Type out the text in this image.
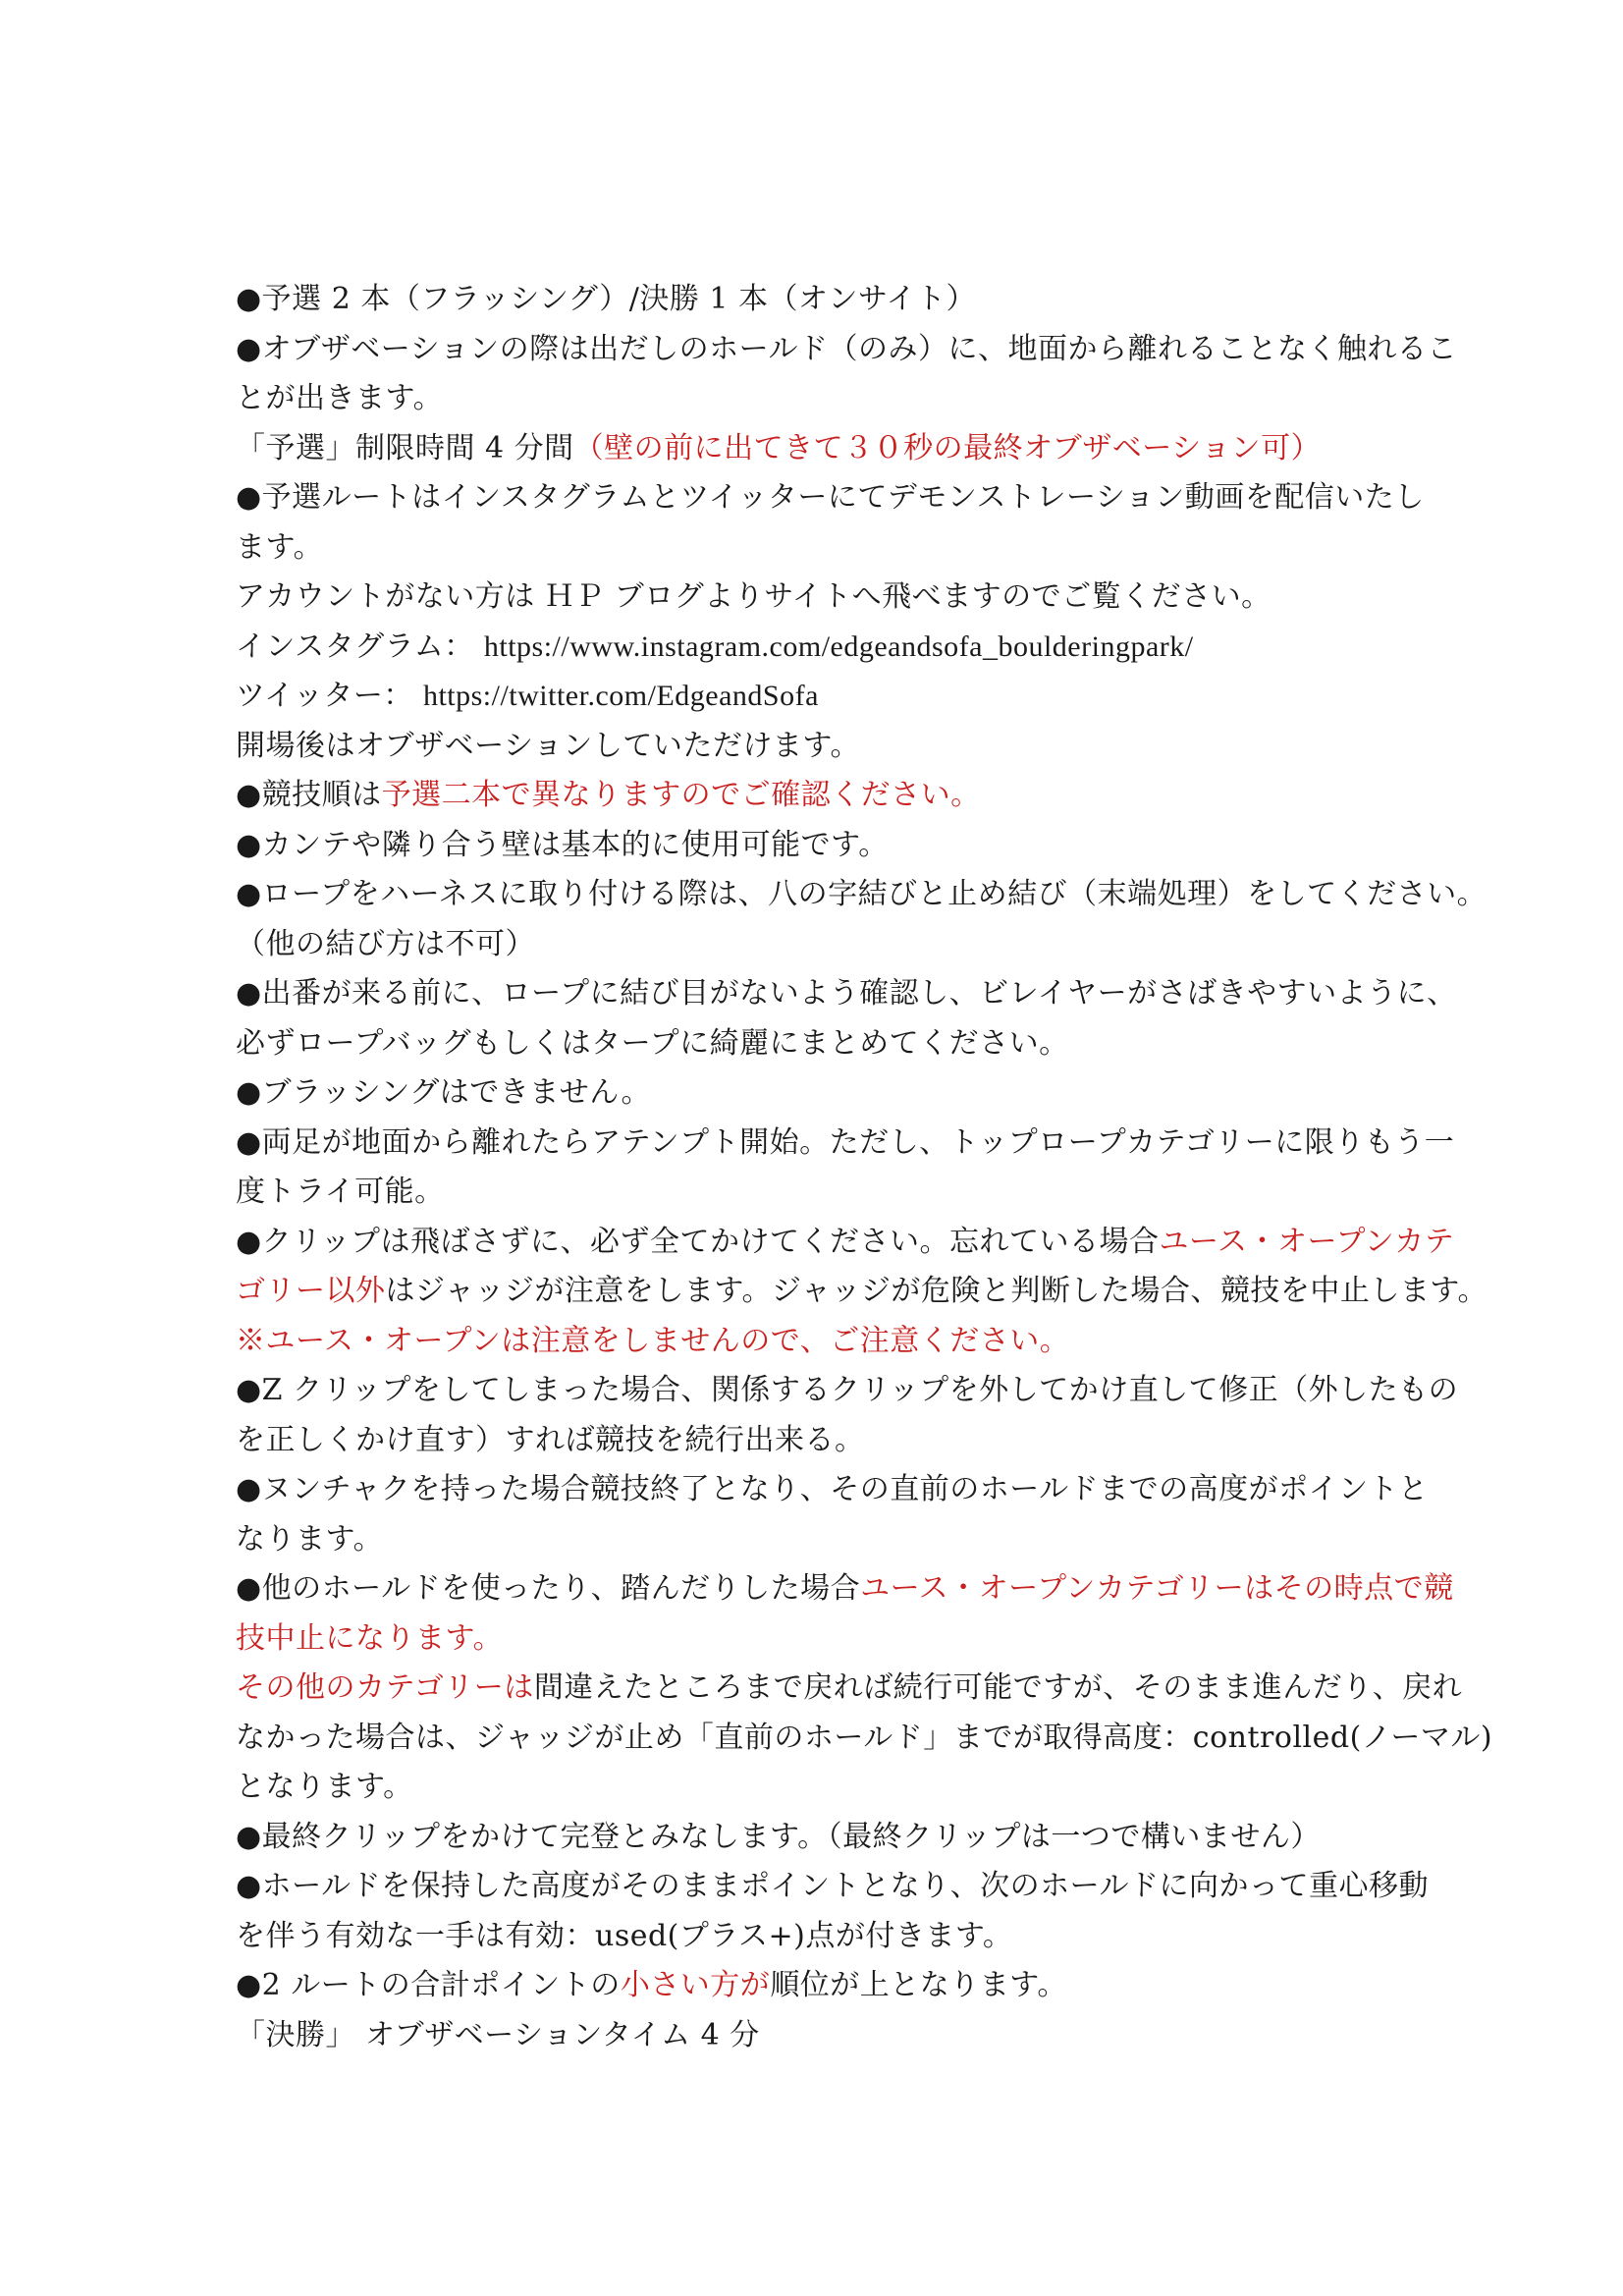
●予選 2 本（フラッシング）/決勝 1 本（オンサイト）
●オブザベーションの際は出だしのホールド（のみ）に、地面から離れることなく触れるこ
とが出きます。
「予選」制限時間 4 分間（壁の前に出てきて３０秒の最終オブザベーション可）
●予選ルートはインスタグラムとツイッターにてデモンストレーション動画を配信いたし
ます。
アカウントがない方は ＨＰ ブログよりサイトへ飛べますのでご覧ください。
インスタグラム： https://www.instagram.com/edgeandsofa_boulderingpark/
ツイッター： https://twitter.com/EdgeandSofa
開場後はオブザベーションしていただけます。
●競技順は予選二本で異なりますのでご確認ください。
●カンテや隣り合う壁は基本的に使用可能です。
●ロープをハーネスに取り付ける際は、八の字結びと止め結び（末端処理）をしてください。
（他の結び方は不可）
●出番が来る前に、ロープに結び目がないよう確認し、ビレイヤーがさばきやすいように、
必ずロープバッグもしくはタープに綺麗にまとめてください。
●ブラッシングはできません。
●両足が地面から離れたらアテンプト開始。ただし、トップロープカテゴリーに限りもう一
度トライ可能。
●クリップは飛ばさずに、必ず全てかけてください。忘れている場合ユース・オープンカテ
ゴリー以外はジャッジが注意をします。ジャッジが危険と判断した場合、競技を中止します。
※ユース・オープンは注意をしませんので、ご注意ください。
●Z クリップをしてしまった場合、関係するクリップを外してかけ直して修正（外したもの
を正しくかけ直す）すれば競技を続行出来る。
●ヌンチャクを持った場合競技終了となり、その直前のホールドまでの高度がポイントと
なります。
●他のホールドを使ったり、踏んだりした場合ユース・オープンカテゴリーはその時点で競
技中止になります。
その他のカテゴリーは間違えたところまで戻れば続行可能ですが、そのまま進んだり、戻れ
なかった場合は、ジャッジが止め「直前のホールド」までが取得高度：controlled(ノーマル)
となります。
●最終クリップをかけて完登とみなします。（最終クリップは一つで構いません）
●ホールドを保持した高度がそのままポイントとなり、次のホールドに向かって重心移動
を伴う有効な一手は有効：used(プラス+)点が付きます。
●2 ルートの合計ポイントの小さい方が順位が上となります。
「決勝」 オブザベーションタイム 4 分
